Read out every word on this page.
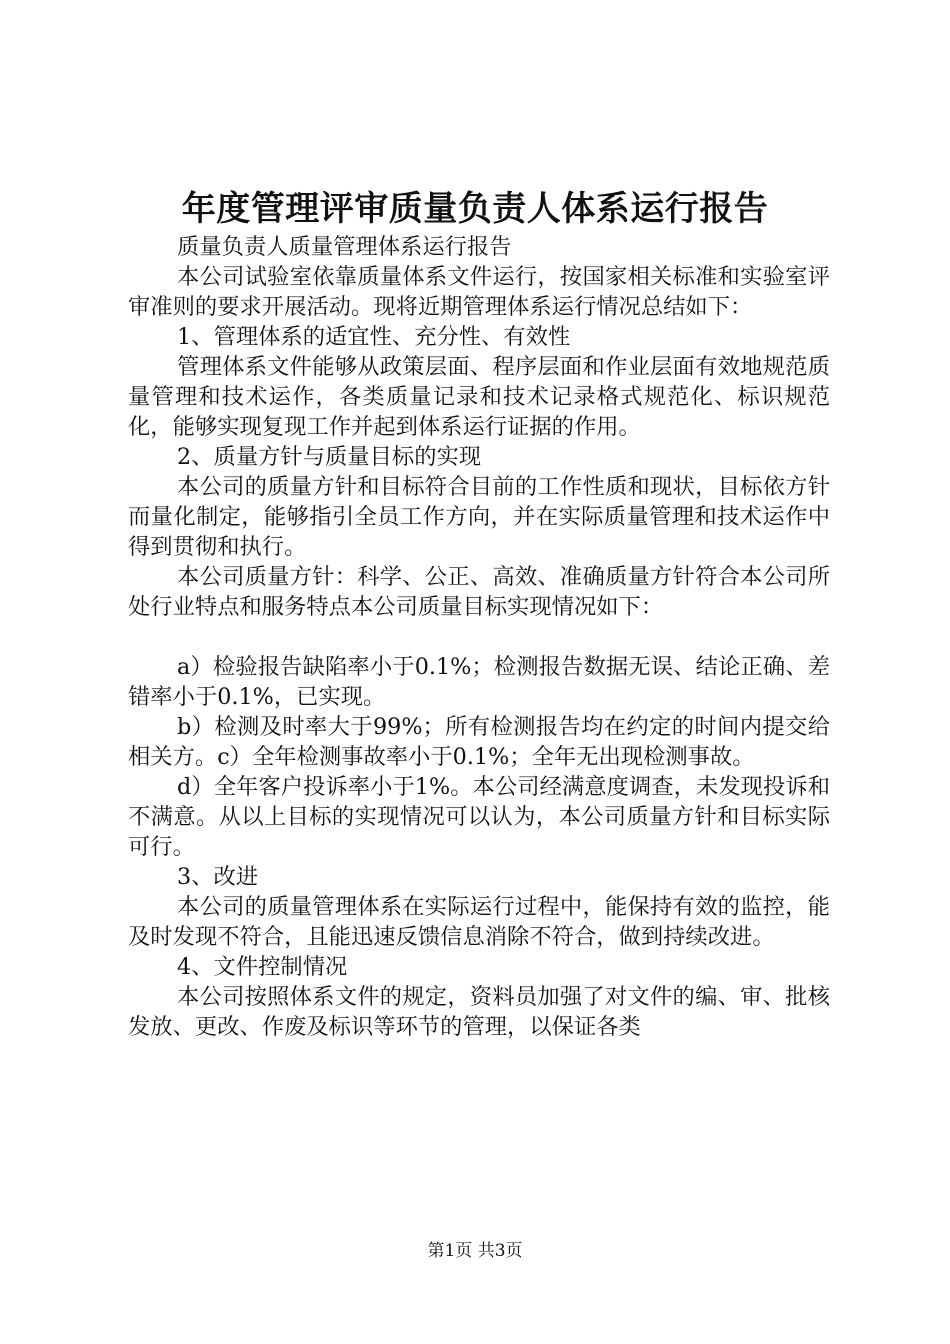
年度管理评审质量负责人体系运行报告

质量负责人质量管理体系运行报告

本公司试验室依靠质量体系文件运行，按国家相关标准和实验室评审准则的要求开展活动。现将近期管理体系运行情况总结如下：

1、管理体系的适宜性、充分性、有效性

管理体系文件能够从政策层面、程序层面和作业层面有效地规范质量管理和技术运作，各类质量记录和技术记录格式规范化、标识规范化，能够实现复现工作并起到体系运行证据的作用。

2、质量方针与质量目标的实现

本公司的质量方针和目标符合目前的工作性质和现状，目标依方针而量化制定，能够指引全员工作方向，并在实际质量管理和技术运作中得到贯彻和执行。

本公司质量方针：科学、公正、高效、准确质量方针符合本公司所处行业特点和服务特点本公司质量目标实现情况如下：

a）检验报告缺陷率小于0.1%；检测报告数据无误、结论正确、差错率小于0.1%，已实现。

b）检测及时率大于99%；所有检测报告均在约定的时间内提交给相关方。c）全年检测事故率小于0.1%；全年无出现检测事故。

d）全年客户投诉率小于1%。本公司经满意度调查，未发现投诉和不满意。从以上目标的实现情况可以认为，本公司质量方针和目标实际可行。

3、改进

本公司的质量管理体系在实际运行过程中，能保持有效的监控，能及时发现不符合，且能迅速反馈信息消除不符合，做到持续改进。

4、文件控制情况

本公司按照体系文件的规定，资料员加强了对文件的编、审、批核发放、更改、作废及标识等环节的管理，以保证各类

第1页 共3页
